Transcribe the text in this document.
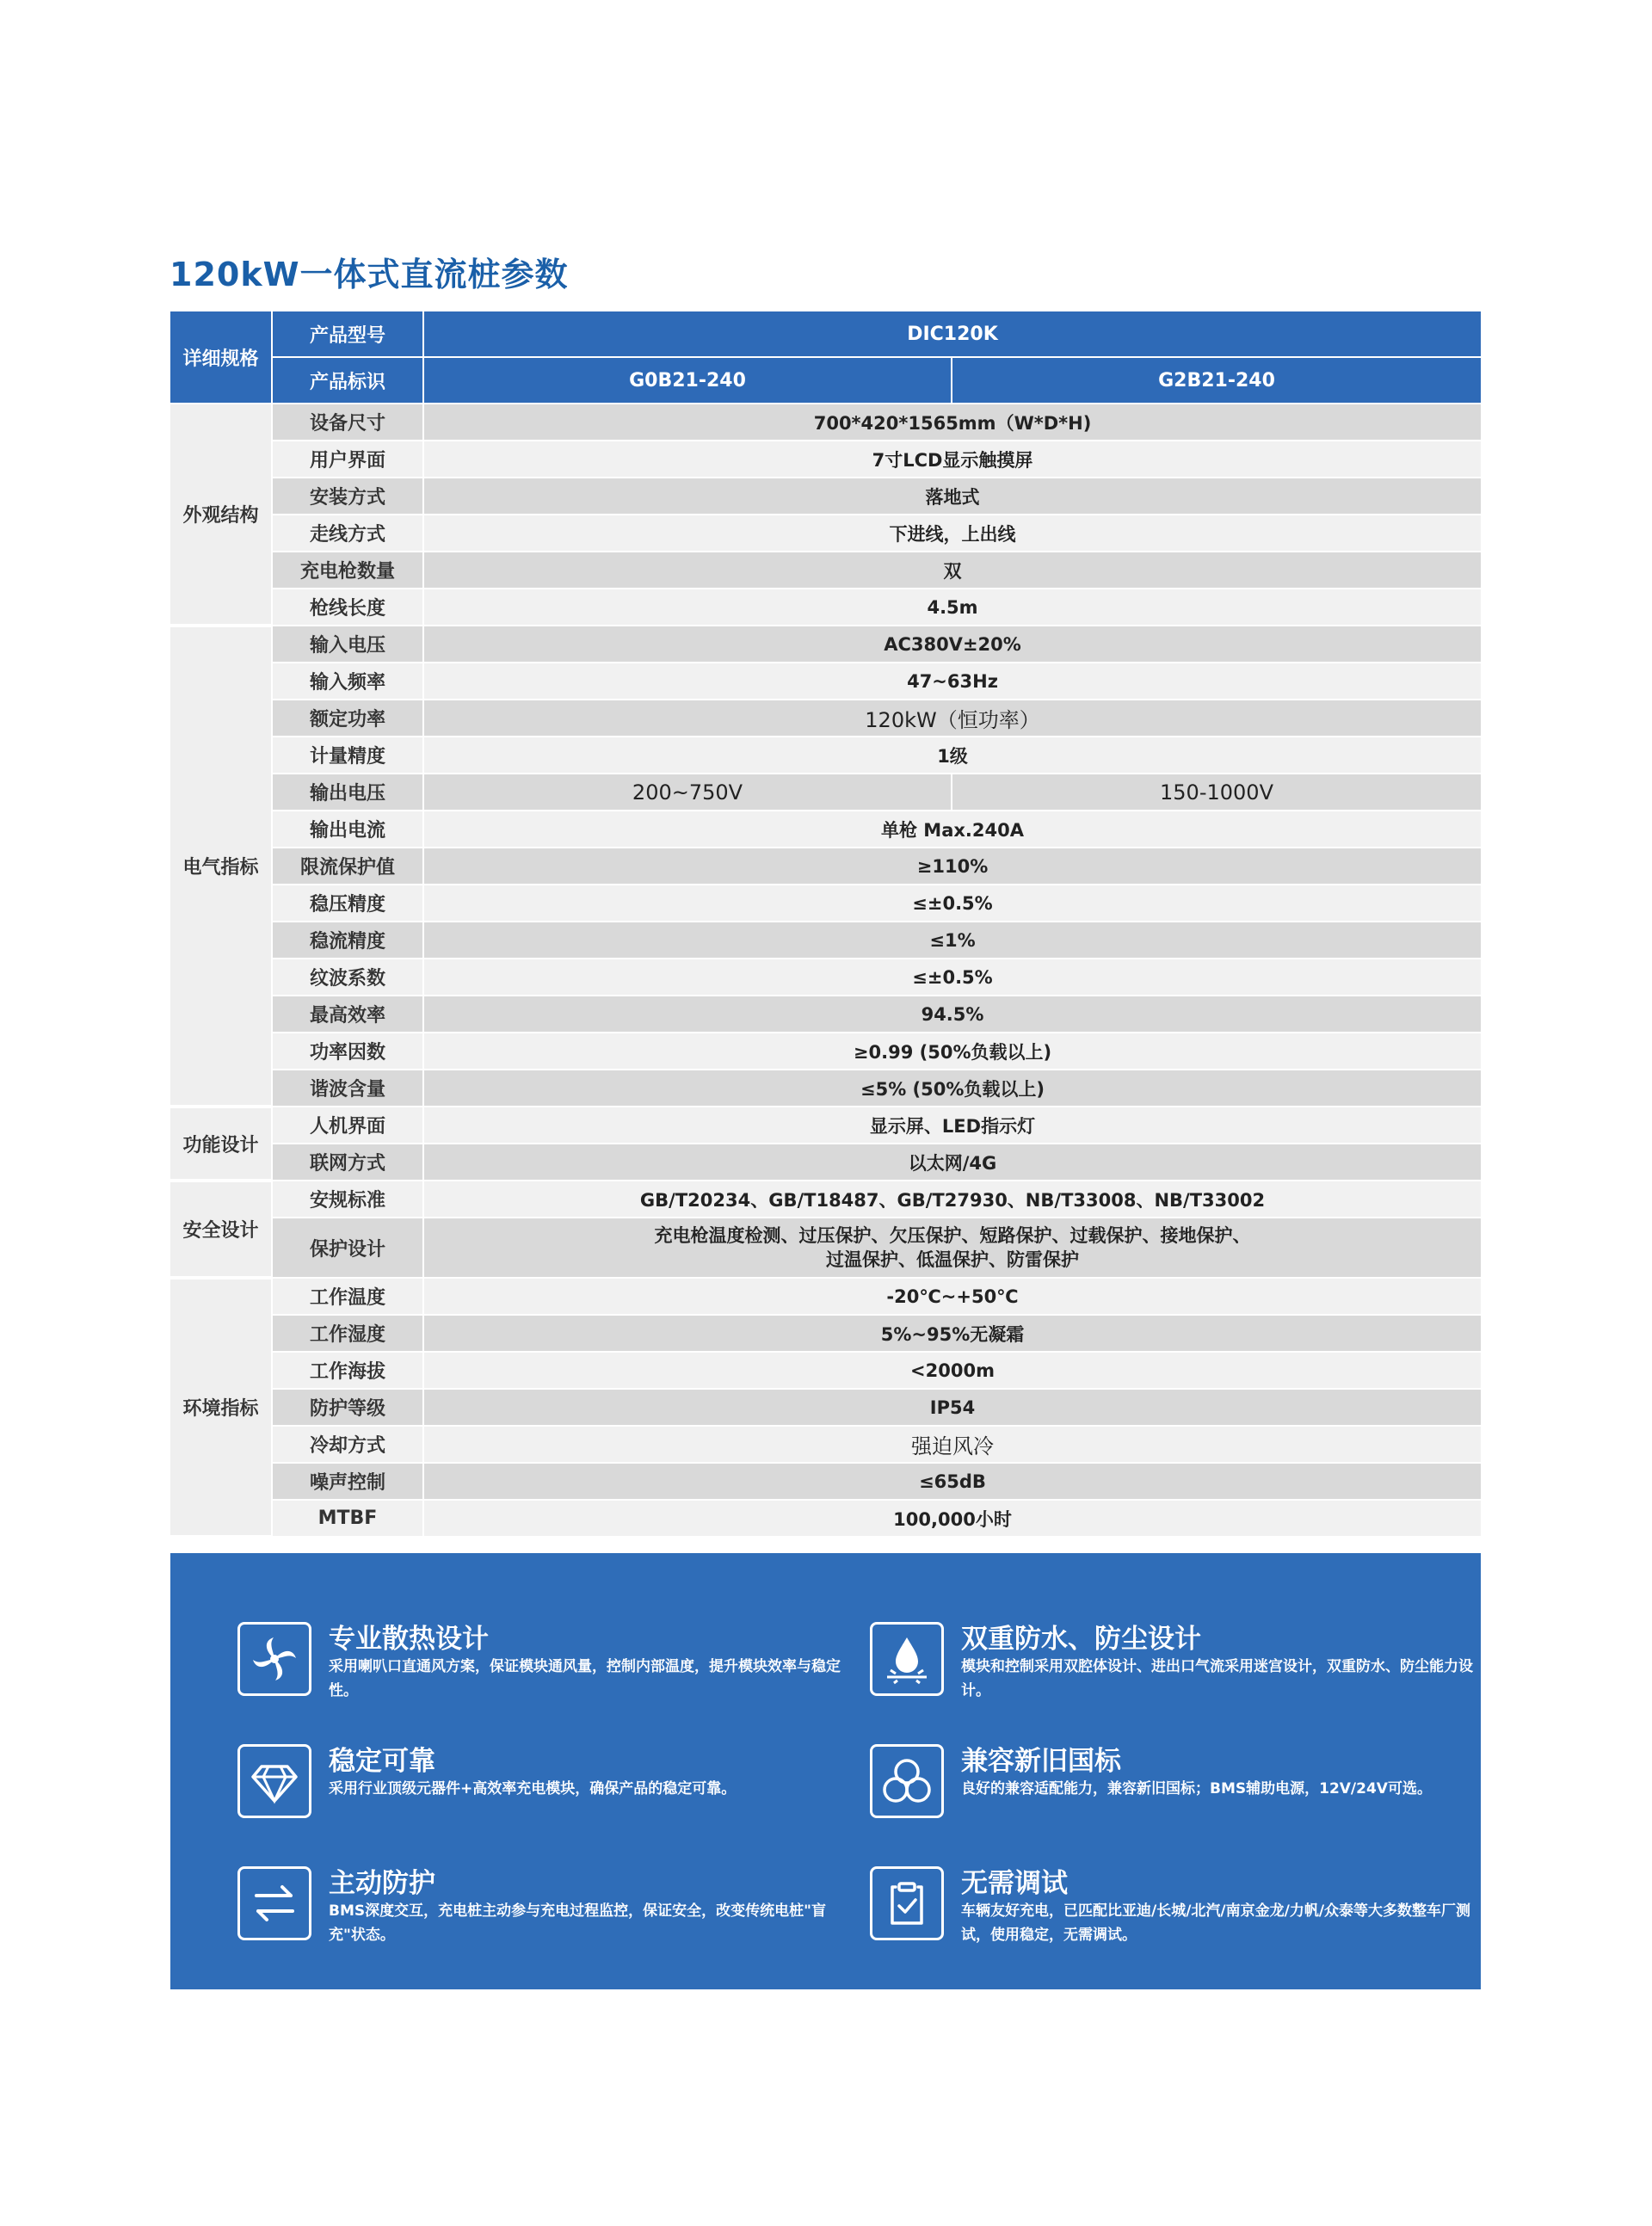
120kW一体式直流桩参数
详细规格	产品型号	DIC120K	
	产品标识	G0B21-240	G2B21-240
外观结构	设备尺寸	700*420*1565mm（W*D*H)	
	用户界面	7寸LCD显示触摸屏	
	安装方式	落地式	
	走线方式	下进线，上出线	
	充电枪数量	双	
	枪线长度	4.5m	
电气指标	输入电压	AC380V±20%	
	输入频率	47~63Hz	
	额定功率	120kW（恒功率）	
	计量精度	1级	
	输出电压	200~750V	150-1000V
	输出电流	单枪 Max.240A	
	限流保护值	≥110%	
	稳压精度	≤±0.5%	
	稳流精度	≤1%	
	纹波系数	≤±0.5%	
	最高效率	94.5%	
	功率因数	≥0.99 (50%负载以上)	
	谐波含量	≤5% (50%负载以上)	
功能设计	人机界面	显示屏、LED指示灯	
	联网方式	以太网/4G	
安全设计	安规标准	GB/T20234、GB/T18487、GB/T27930、NB/T33008、NB/T33002	
	保护设计	充电枪温度检测、过压保护、欠压保护、短路保护、过载保护、接地保护、
过温保护、低温保护、防雷保护	

环境指标	工作温度	-20℃~+50℃	
	工作湿度	5%~95%无凝霜	
	工作海拔	<2000m	
	防护等级	IP54	
	冷却方式	强迫风冷	
	噪声控制	≤65dB	
	MTBF	100,000小时	
专业散热设计
采用喇叭口直通风方案，保证模块通风量，控制内部温度，提升模块效率与稳定性。
双重防水、防尘设计
模块和控制采用双腔体设计、进出口气流采用迷宫设计，双重防水、防尘能力设计。
稳定可靠
采用行业顶级元器件+高效率充电模块，确保产品的稳定可靠。
兼容新旧国标
良好的兼容适配能力，兼容新旧国标；BMS辅助电源，12V/24V可选。
主动防护
BMS深度交互，充电桩主动参与充电过程监控，保证安全，改变传统电桩"盲充"状态。
无需调试
车辆友好充电，已匹配比亚迪/长城/北汽/南京金龙/力帆/众泰等大多数整车厂测试，使用稳定，无需调试。
